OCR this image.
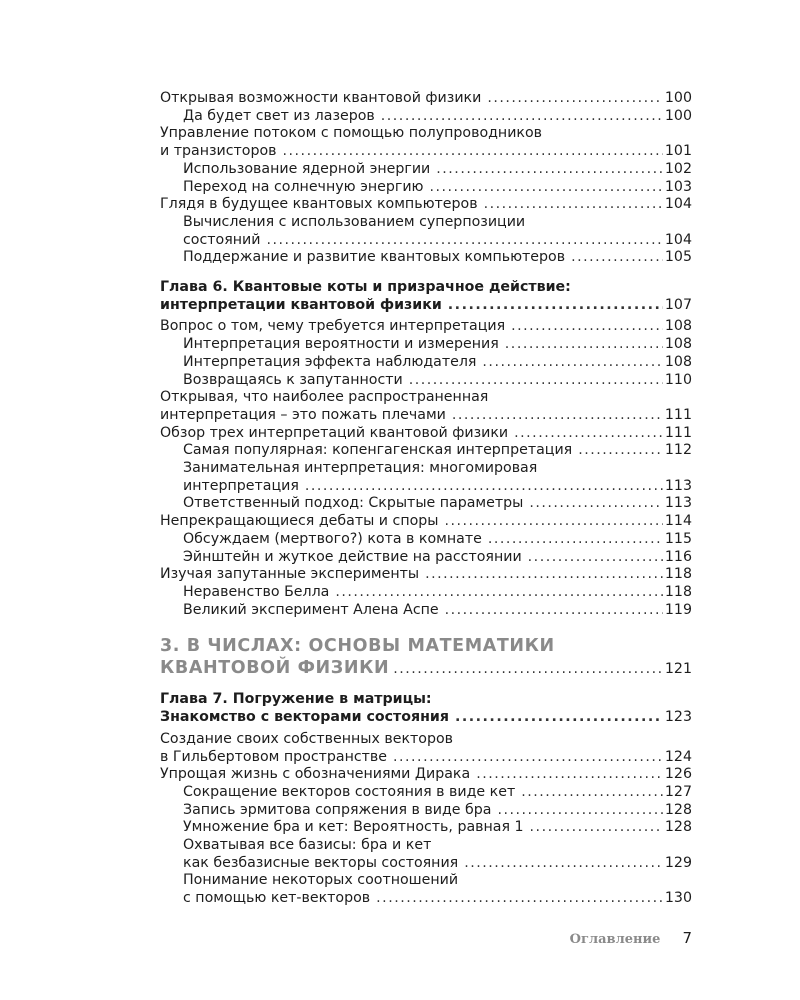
Открывая возможности квантовой физики .....	100
Да будет свет из лазеров .....	100
Управление потоком с помощью полупроводников
и транзисторов .....	101
Использование ядерной энергии .....	102
Переход на солнечную энергию .....	103
Глядя в будущее квантовых компьютеров .....	104
Вычисления с использованием суперпозиции
состояний .....	104
Поддержание и развитие квантовых компьютеров .....	105
Глава 6. Квантовые коты и призрачное действие:
интерпретации квантовой физики .....	107
Вопрос о том, чему требуется интерпретация .....	108
Интерпретация вероятности и измерения .....	108
Интерпретация эффекта наблюдателя .....	108
Возвращаясь к запутанности .....	110
Открывая, что наиболее распространенная
интерпретация – это пожать плечами .....	111
Обзор трех интерпретаций квантовой физики .....	111
Самая популярная: копенгагенская интерпретация .....	112
Занимательная интерпретация: многомировая
интерпретация .....	113
Ответственный подход: Скрытые параметры .....	113
Непрекращающиеся дебаты и споры .....	114
Обсуждаем (мертвого?) кота в комнате .....	115
Эйнштейн и жуткое действие на расстоянии .....	116
Изучая запутанные эксперименты .....	118
Неравенство Белла .....	118
Великий эксперимент Алена Аспе .....	119
3. В ЧИСЛАХ: ОСНОВЫ МАТЕМАТИКИ
КВАНТОВОЙ ФИЗИКИ .....	121
Глава 7. Погружение в матрицы:
Знакомство с векторами состояния .....	123
Создание своих собственных векторов
в Гильбертовом пространстве .....	124
Упрощая жизнь с обозначениями Дирака .....	126
Сокращение векторов состояния в виде кет .....	127
Запись эрмитова сопряжения в виде бра .....	128
Умножение бра и кет: Вероятность, равная 1 .....	128
Охватывая все базисы: бра и кет
как безбазисные векторы состояния .....	129
Понимание некоторых соотношений
с помощью кет-векторов .....	130
Оглавление 7
